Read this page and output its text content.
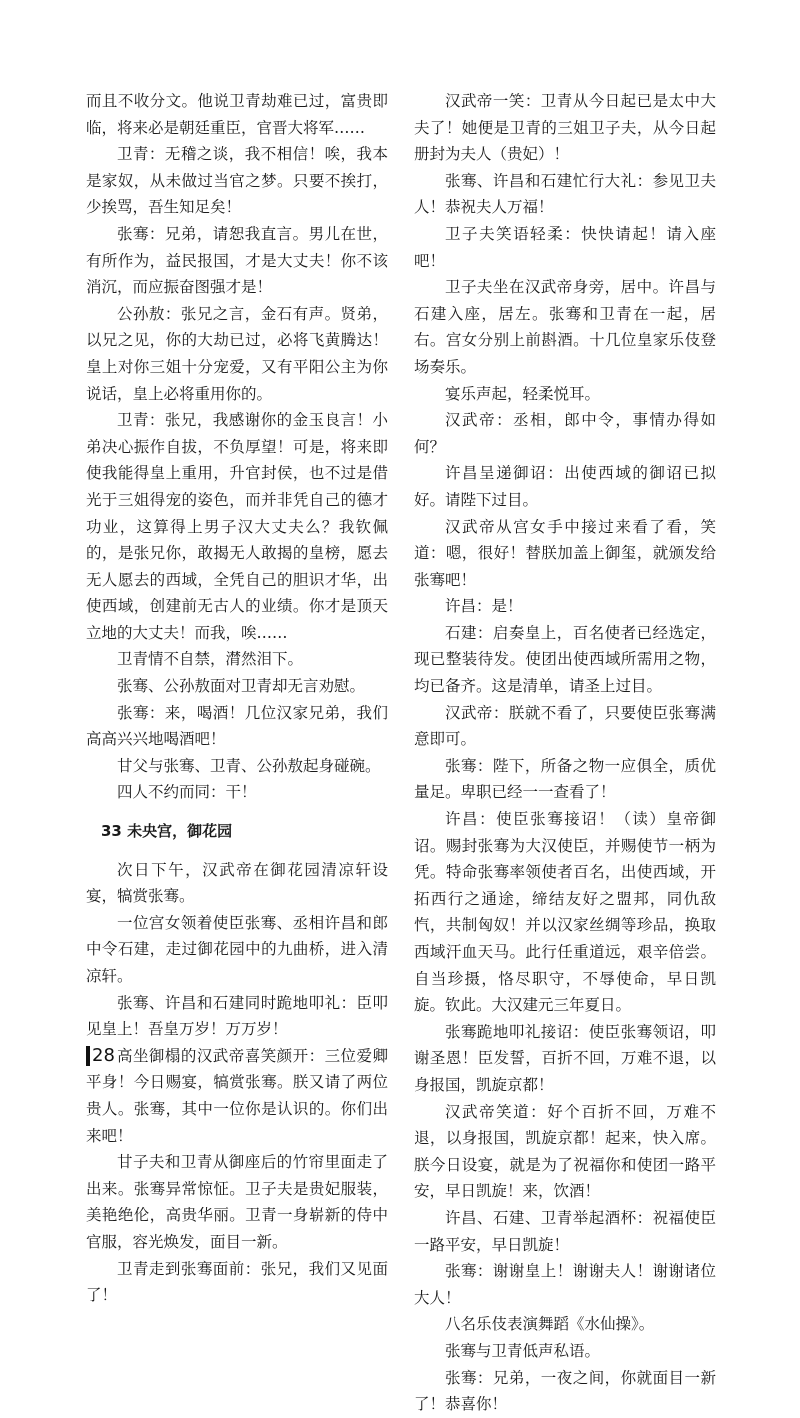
而且不收分文。他说卫青劫难已过，富贵即临，将来必是朝廷重臣，官晋大将军……

卫青：无稽之谈，我不相信！唉，我本是家奴，从未做过当官之梦。只要不挨打，少挨骂，吾生知足矣！

张骞：兄弟，请恕我直言。男儿在世，有所作为，益民报国，才是大丈夫！你不该消沉，而应振奋图强才是！

公孙敖：张兄之言，金石有声。贤弟，以兄之见，你的大劫已过，必将飞黄腾达！皇上对你三姐十分宠爱，又有平阳公主为你说话，皇上必将重用你的。

卫青：张兄，我感谢你的金玉良言！小弟决心振作自拔，不负厚望！可是，将来即使我能得皇上重用，升官封侯，也不过是借光于三姐得宠的姿色，而并非凭自己的德才功业，这算得上男子汉大丈夫么？我钦佩的，是张兄你，敢揭无人敢揭的皇榜，愿去无人愿去的西域，全凭自己的胆识才华，出使西域，创建前无古人的业绩。你才是顶天立地的大丈夫！而我，唉……

卫青情不自禁，潸然泪下。

张骞、公孙敖面对卫青却无言劝慰。

张骞：来，喝酒！几位汉家兄弟，我们高高兴兴地喝酒吧！

甘父与张骞、卫青、公孙敖起身碰碗。

四人不约而同：干！

33 未央宫，御花园

次日下午，汉武帝在御花园清凉轩设宴，犒赏张骞。

一位宫女领着使臣张骞、丞相许昌和郎中令石建，走过御花园中的九曲桥，进入清凉轩。

张骞、许昌和石建同时跪地叩礼：臣叩见皇上！吾皇万岁！万万岁！

高坐御榻的汉武帝喜笑颜开：三位爱卿平身！今日赐宴，犒赏张骞。朕又请了两位贵人。张骞，其中一位你是认识的。你们出来吧！

甘子夫和卫青从御座后的竹帘里面走了出来。张骞异常惊怔。卫子夫是贵妃服装，美艳绝伦，高贵华丽。卫青一身崭新的侍中官服，容光焕发，面目一新。

卫青走到张骞面前：张兄，我们又见面了！

汉武帝一笑：卫青从今日起已是太中大夫了！她便是卫青的三姐卫子夫，从今日起册封为夫人（贵妃）！

张骞、许昌和石建忙行大礼：参见卫夫人！恭祝夫人万福！

卫子夫笑语轻柔：快快请起！请入座吧！

卫子夫坐在汉武帝身旁，居中。许昌与石建入座，居左。张骞和卫青在一起，居右。宫女分别上前斟酒。十几位皇家乐伎登场奏乐。

宴乐声起，轻柔悦耳。

汉武帝：丞相，郎中令，事情办得如何？

许昌呈递御诏：出使西域的御诏已拟好。请陛下过目。

汉武帝从宫女手中接过来看了看，笑道：嗯，很好！替朕加盖上御玺，就颁发给张骞吧！

许昌：是！

石建：启奏皇上，百名使者已经选定，现已整装待发。使团出使西域所需用之物，均已备齐。这是清单，请圣上过目。

汉武帝：朕就不看了，只要使臣张骞满意即可。

张骞：陛下，所备之物一应俱全，质优量足。卑职已经一一查看了！

许昌：使臣张骞接诏！（读）皇帝御诏。赐封张骞为大汉使臣，并赐使节一柄为凭。特命张骞率领使者百名，出使西域，开拓西行之通途，缔结友好之盟邦，同仇敌忾，共制匈奴！并以汉家丝绸等珍品，换取西域汗血天马。此行任重道远，艰辛倍尝。自当珍摄，恪尽职守，不辱使命，早日凯旋。钦此。大汉建元三年夏日。

张骞跪地叩礼接诏：使臣张骞领诏，叩谢圣恩！臣发誓，百折不回，万难不退，以身报国，凯旋京都！

汉武帝笑道：好个百折不回，万难不退，以身报国，凯旋京都！起来，快入席。朕今日设宴，就是为了祝福你和使团一路平安，早日凯旋！来，饮酒！

许昌、石建、卫青举起酒杯：祝福使臣一路平安，早日凯旋！

张骞：谢谢皇上！谢谢夫人！谢谢诸位大人！

八名乐伎表演舞蹈《水仙操》。

张骞与卫青低声私语。

张骞：兄弟，一夜之间，你就面目一新了！恭喜你！

28
